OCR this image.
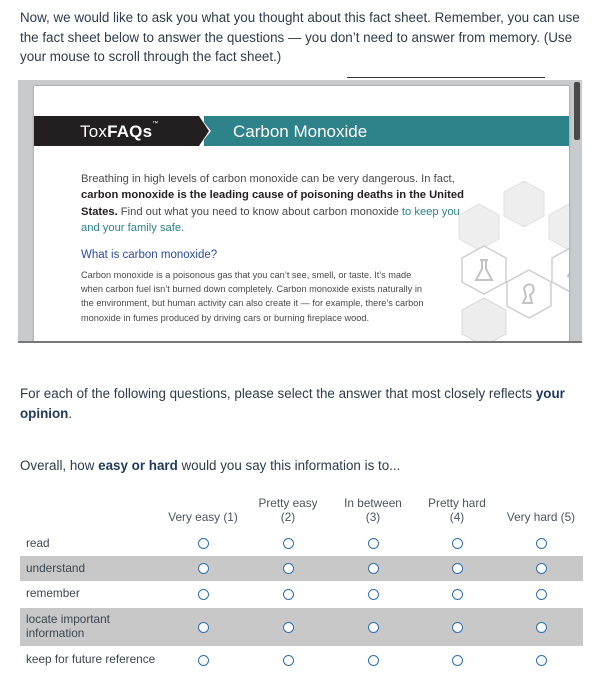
Now, we would like to ask you what you thought about this fact sheet. Remember, you can use the fact sheet below to answer the questions — you don’t need to answer from memory. (Use your mouse to scroll through the fact sheet.)
ToxFAQs™	Carbon Monoxide
Breathing in high levels of carbon monoxide can be very dangerous. In fact, carbon monoxide is the leading cause of poisoning deaths in the United States. Find out what you need to know about carbon monoxide to keep you and your family safe.
What is carbon monoxide?
Carbon monoxide is a poisonous gas that you can’t see, smell, or taste. It’s made when carbon fuel isn’t burned down completely. Carbon monoxide exists naturally in the environment, but human activity can also create it — for example, there’s carbon monoxide in fumes produced by driving cars or burning fireplace wood.
For each of the following questions, please select the answer that most closely reflects your opinion.
Overall, how easy or hard would you say this information is to...
Very easy (1)
Pretty easy
(2)
In between
(3)
Pretty hard
(4)	Very hard (5)
read
understand
remember
locate important information
keep for future reference
